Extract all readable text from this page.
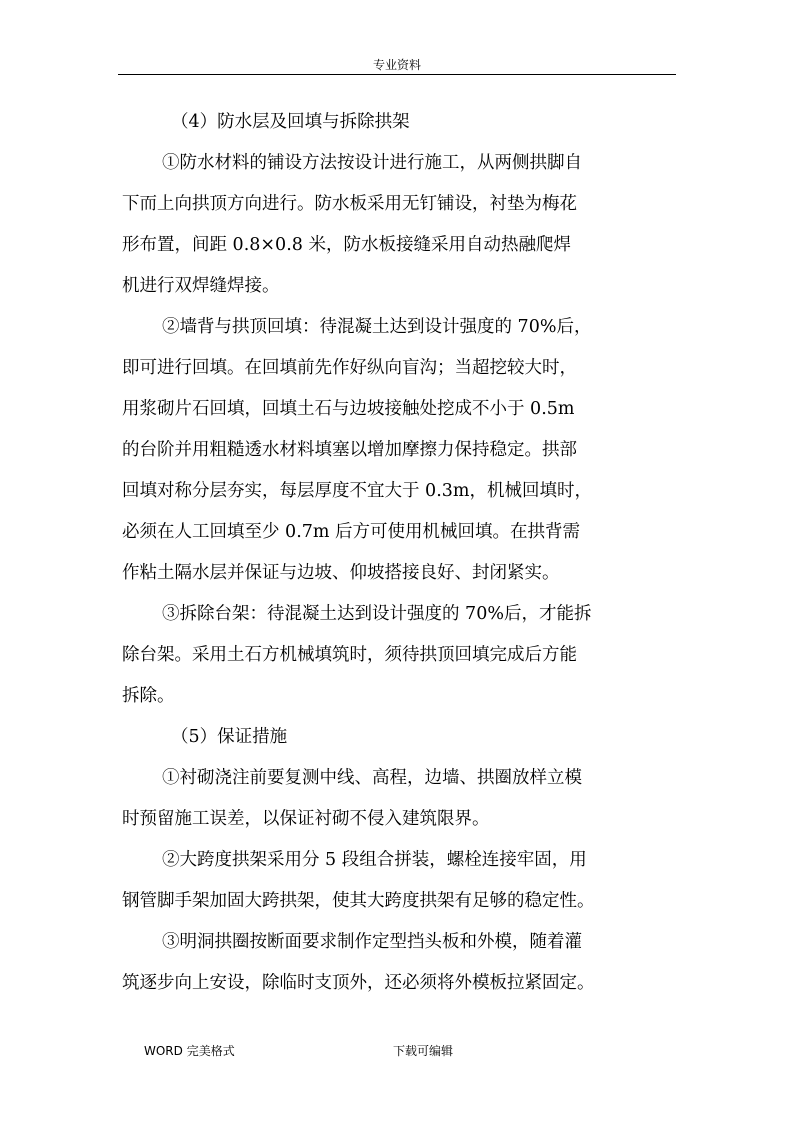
专业资料
（4）防水层及回填与拆除拱架
①防水材料的铺设方法按设计进行施工，从两侧拱脚自
下而上向拱顶方向进行。防水板采用无钉铺设，衬垫为梅花
形布置，间距 0.8×0.8 米，防水板接缝采用自动热融爬焊
机进行双焊缝焊接。
②墙背与拱顶回填：待混凝土达到设计强度的 70%后，
即可进行回填。在回填前先作好纵向盲沟；当超挖较大时，
用浆砌片石回填，回填土石与边坡接触处挖成不小于 0.5m
的台阶并用粗糙透水材料填塞以增加摩擦力保持稳定。拱部
回填对称分层夯实，每层厚度不宜大于 0.3m，机械回填时，
必须在人工回填至少 0.7m 后方可使用机械回填。在拱背需
作粘土隔水层并保证与边坡、仰坡搭接良好、封闭紧实。
③拆除台架：待混凝土达到设计强度的 70%后，才能拆
除台架。采用土石方机械填筑时，须待拱顶回填完成后方能
拆除。
（5）保证措施
①衬砌浇注前要复测中线、高程，边墙、拱圈放样立模
时预留施工误差，以保证衬砌不侵入建筑限界。
②大跨度拱架采用分 5 段组合拼装，螺栓连接牢固，用
钢管脚手架加固大跨拱架，使其大跨度拱架有足够的稳定性。
③明洞拱圈按断面要求制作定型挡头板和外模，随着灌
筑逐步向上安设，除临时支顶外，还必须将外模板拉紧固定。
WORD 完美格式	下载可编辑
